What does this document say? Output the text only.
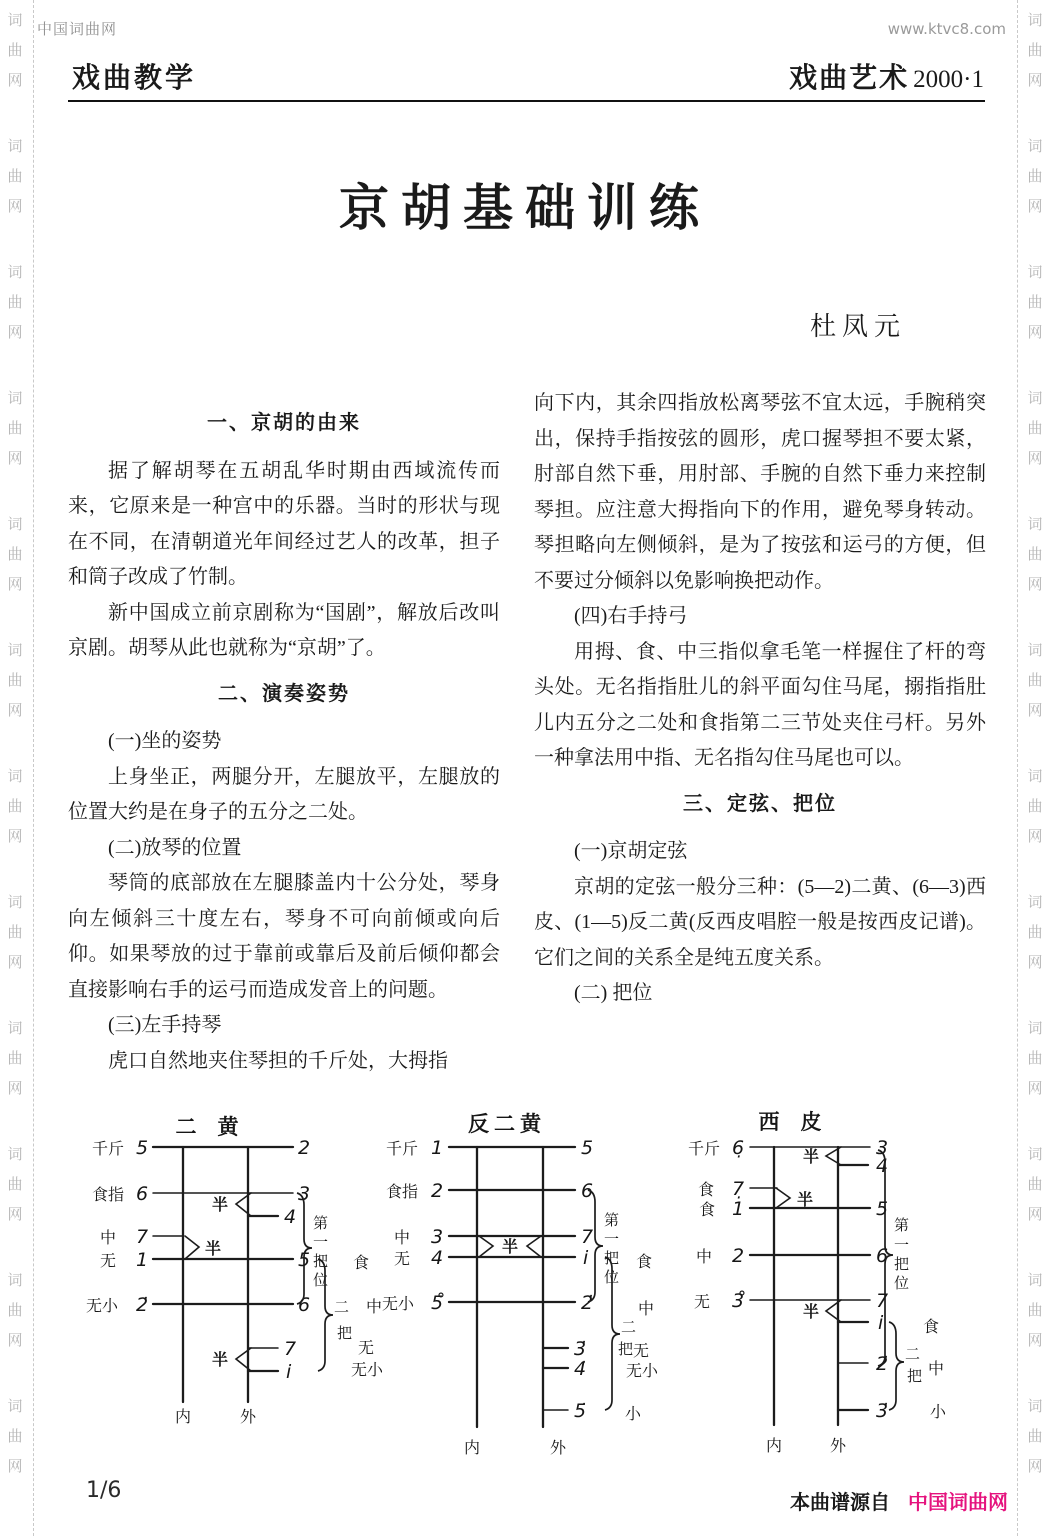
词
曲
网
词
曲
网
词
曲
网
词
曲
网
词
曲
网
词
曲
网
词
曲
网
词
曲
网
词
曲
网
词
曲
网
词
曲
网
词
曲
网
词
曲
网
词
曲
网
词
曲
网
词
曲
网
词
曲
网
词
曲
网
词
曲
网
词
曲
网
词
曲
网
词
曲
网
词
曲
网
词
曲
网
中国词曲网	www.ktvc8.com
戏曲教学	戏曲艺术 2000·1
京胡基础训练
杜凤元
一、京胡的由来

据了解胡琴在五胡乱华时期由西域流传而来，它原来是一种宫中的乐器。当时的形状与现在不同，在清朝道光年间经过艺人的改革，担子和筒子改成了竹制。

新中国成立前京剧称为“国剧”，解放后改叫京剧。胡琴从此也就称为“京胡”了。

二、演奏姿势

(一)坐的姿势

上身坐正，两腿分开，左腿放平，左腿放的位置大约是在身子的五分之二处。

(二)放琴的位置

琴筒的底部放在左腿膝盖内十公分处，琴身向左倾斜三十度左右，琴身不可向前倾或向后仰。如果琴放的过于靠前或靠后及前后倾仰都会直接影响右手的运弓而造成发音上的问题。

(三)左手持琴

虎口自然地夹住琴担的千斤处，大拇指

向下内，其余四指放松离琴弦不宜太远，手腕稍突出，保持手指按弦的圆形，虎口握琴担不要太紧，肘部自然下垂，用肘部、手腕的自然下垂力来控制琴担。应注意大拇指向下的作用，避免琴身转动。琴担略向左侧倾斜，是为了按弦和运弓的方便，但不要过分倾斜以免影响换把动作。

(四)右手持弓

用拇、食、中三指似拿毛笔一样握住了杆的弯头处。无名指指肚儿的斜平面勾住马尾，搦指指肚儿内五分之二处和食指第二三节处夹住弓杆。另外一种拿法用中指、无名指勾住马尾也可以。

三、定弦、把位

(一)京胡定弦

京胡的定弦一般分三种：(5—2)二黄、(6—3)西皮、(1—5)反二黄(反西皮唱腔一般是按西皮记谱)。它们之间的关系全是纯五度关系。

(二) 把位

二　黄
千斤
食指
中
无
无小
5
6
7
1
2̇
2
3
4
5
6
7
i
半
半
半
第
一
把
位
二
把
食
中
无
无小
内	外
反二黄
千斤
食指
中
无
无小
1
2
3
4
5̊
5
6
7
i
2̇
3̇
4̇
5̇
半
第
一
把
位
二
把
食
中
无
无小
小
内	外
西　皮
千斤
食
食
中
无
6̣
7̣
1
2
3̊
3
4
5
6
7
i
2̇
3̇
半
半
半
第
一
把
位
二
把
食
中
小
内	外
1/6	本曲谱源自 中国词曲网
